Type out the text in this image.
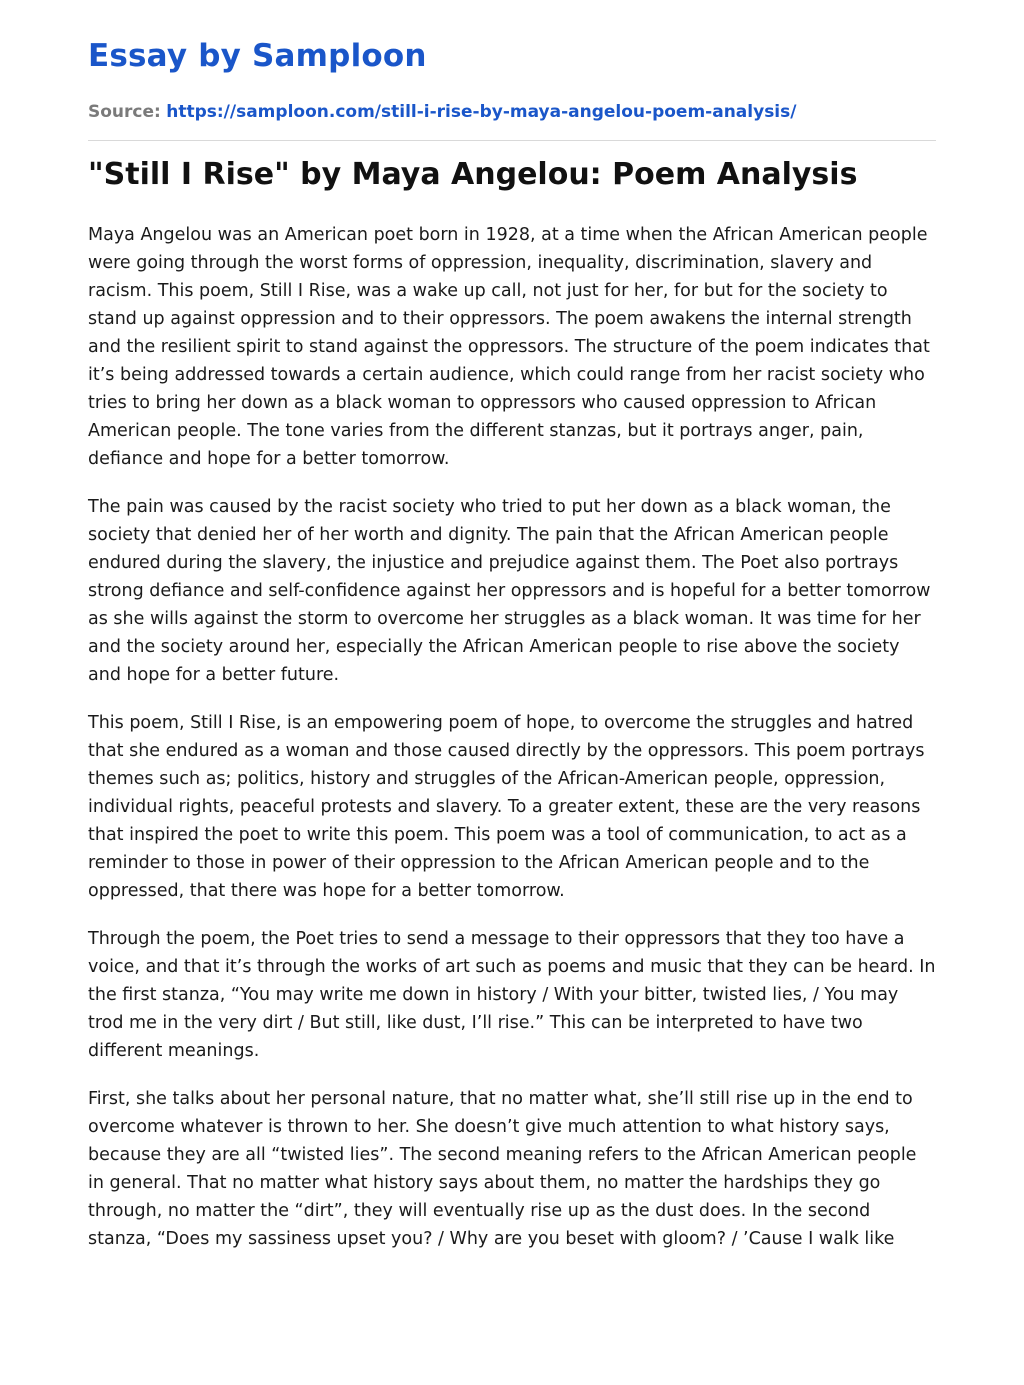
Essay by Samploon
Source: https://samploon.com/still-i-rise-by-maya-angelou-poem-analysis/
"Still I Rise" by Maya Angelou: Poem Analysis

Maya Angelou was an American poet born in 1928, at a time when the African American people were going through the worst forms of oppression, inequality, discrimination, slavery and racism. This poem, Still I Rise, was a wake up call, not just for her, for but for the society to stand up against oppression and to their oppressors. The poem awakens the internal strength and the resilient spirit to stand against the oppressors. The structure of the poem indicates that it’s being addressed towards a certain audience, which could range from her racist society who tries to bring her down as a black woman to oppressors who caused oppression to African American people. The tone varies from the different stanzas, but it portrays anger, pain, defiance and hope for a better tomorrow.

The pain was caused by the racist society who tried to put her down as a black woman, the society that denied her of her worth and dignity. The pain that the African American people endured during the slavery, the injustice and prejudice against them. The Poet also portrays strong defiance and self-confidence against her oppressors and is hopeful for a better tomorrow as she wills against the storm to overcome her struggles as a black woman. It was time for her and the society around her, especially the African American people to rise above the society and hope for a better future.

This poem, Still I Rise, is an empowering poem of hope, to overcome the struggles and hatred that she endured as a woman and those caused directly by the oppressors. This poem portrays themes such as; politics, history and struggles of the African-American people, oppression, individual rights, peaceful protests and slavery. To a greater extent, these are the very reasons that inspired the poet to write this poem. This poem was a tool of communication, to act as a reminder to those in power of their oppression to the African American people and to the oppressed, that there was hope for a better tomorrow.

Through the poem, the Poet tries to send a message to their oppressors that they too have a voice, and that it’s through the works of art such as poems and music that they can be heard. In the first stanza, “You may write me down in history / With your bitter, twisted lies, / You may trod me in the very dirt / But still, like dust, I’ll rise.” This can be interpreted to have two different meanings.

First, she talks about her personal nature, that no matter what, she’ll still rise up in the end to overcome whatever is thrown to her. She doesn’t give much attention to what history says, because they are all “twisted lies”. The second meaning refers to the African American people in general. That no matter what history says about them, no matter the hardships they go through, no matter the “dirt”, they will eventually rise up as the dust does. In the second stanza, “Does my sassiness upset you? / Why are you beset with gloom? / ’Cause I walk like
